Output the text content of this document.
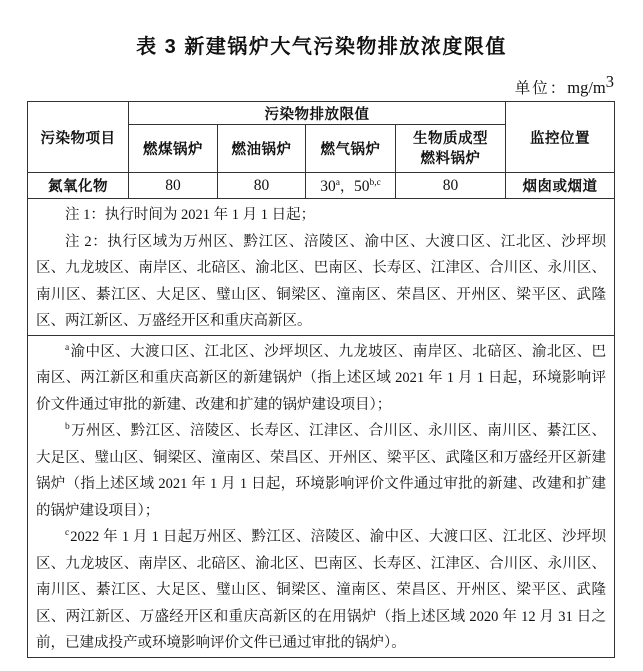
表 3 新建锅炉大气污染物排放浓度限值
单位：$mg/m^3$
污染物项目	污染物排放限值				监控位置
	燃煤锅炉	燃油锅炉	燃气锅炉	生物质成型
燃料锅炉	

氮氧化物	80	80	30$^a$，50$^{b,c}$	80	烟囱或烟道

注 1：执行时间为 2021 年 1 月 1 日起；

注 2：执行区域为万州区、黔江区、涪陵区、渝中区、大渡口区、江北区、沙坪坝区、九龙坡区、南岸区、北碚区、渝北区、巴南区、长寿区、江津区、合川区、永川区、南川区、綦江区、大足区、璧山区、铜梁区、潼南区、荣昌区、开州区、梁平区、武隆区、两江新区、万盛经开区和重庆高新区。					

$^a$渝中区、大渡口区、江北区、沙坪坝区、九龙坡区、南岸区、北碚区、渝北区、巴南区、两江新区和重庆高新区的新建锅炉（指上述区域 2021 年 1 月 1 日起，环境影响评价文件通过审批的新建、改建和扩建的锅炉建设项目）；

$^b$万州区、黔江区、涪陵区、长寿区、江津区、合川区、永川区、南川区、綦江区、大足区、璧山区、铜梁区、潼南区、荣昌区、开州区、梁平区、武隆区和万盛经开区新建锅炉（指上述区域 2021 年 1 月 1 日起，环境影响评价文件通过审批的新建、改建和扩建的锅炉建设项目）；

$^c$2022 年 1 月 1 日起万州区、黔江区、涪陵区、渝中区、大渡口区、江北区、沙坪坝区、九龙坡区、南岸区、北碚区、渝北区、巴南区、长寿区、江津区、合川区、永川区、南川区、綦江区、大足区、璧山区、铜梁区、潼南区、荣昌区、开州区、梁平区、武隆区、两江新区、万盛经开区和重庆高新区的在用锅炉（指上述区域 2020 年 12 月 31 日之前，已建成投产或环境影响评价文件已通过审批的锅炉）。					
